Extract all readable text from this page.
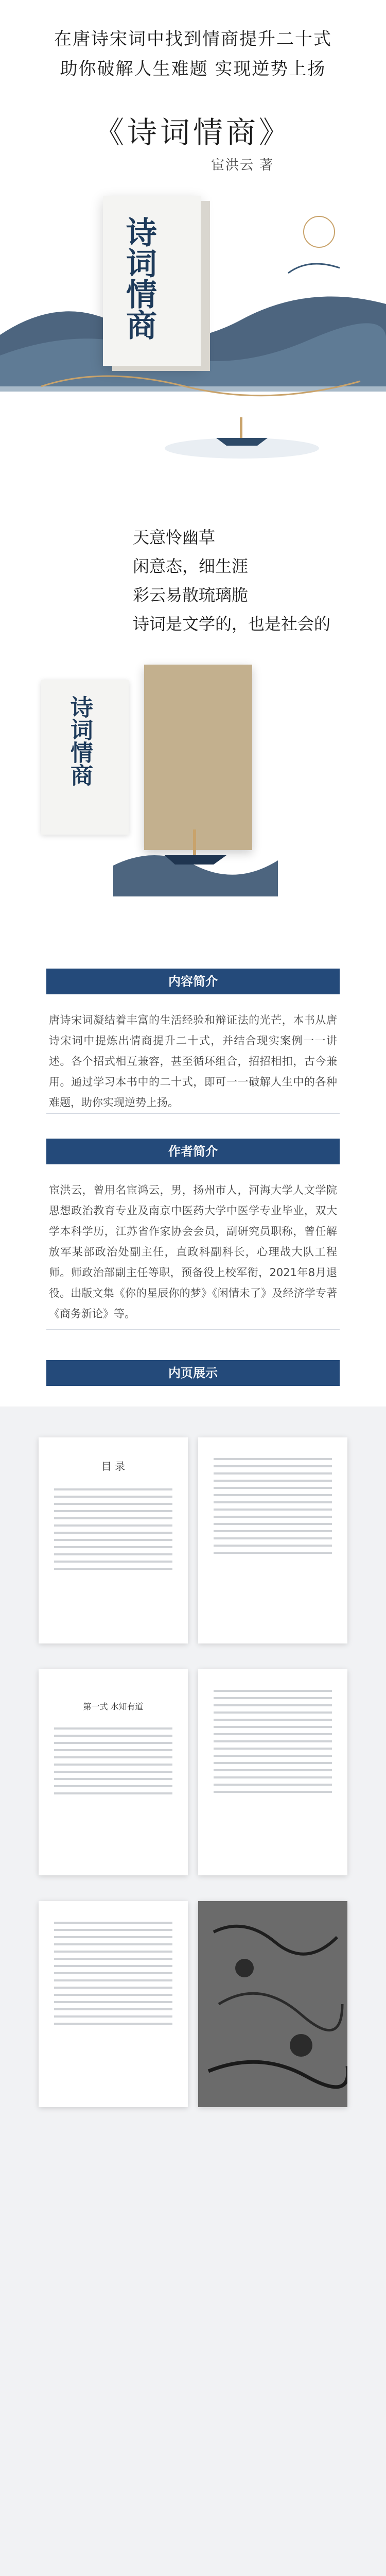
在唐诗宋词中找到情商提升二十式
助你破解人生难题 实现逆势上扬
《诗词情商》
宦洪云 著
诗词情商
天意怜幽草
闲意态，细生涯
彩云易散琉璃脆
诗词是文学的，也是社会的
诗词情商
内容简介
唐诗宋词凝结着丰富的生活经验和辩证法的光芒，本书从唐诗宋词中提炼出情商提升二十式，并结合现实案例一一讲述。各个招式相互兼容，甚至循环组合，招招相扣，古今兼用。通过学习本书中的二十式，即可一一破解人生中的各种难题，助你实现逆势上扬。
作者简介
宦洪云，曾用名宦鸿云，男，扬州市人，河海大学人文学院思想政治教育专业及南京中医药大学中医学专业毕业，双大学本科学历，江苏省作家协会会员，副研究员职称，曾任解放军某部政治处副主任，直政科副科长，心理战大队工程师。师政治部副主任等职，预备役上校军衔，2021年8月退役。出版文集《你的星辰你的梦》《闲情未了》及经济学专著《商务新论》等。
内页展示
目 录
第一式 水知有道
